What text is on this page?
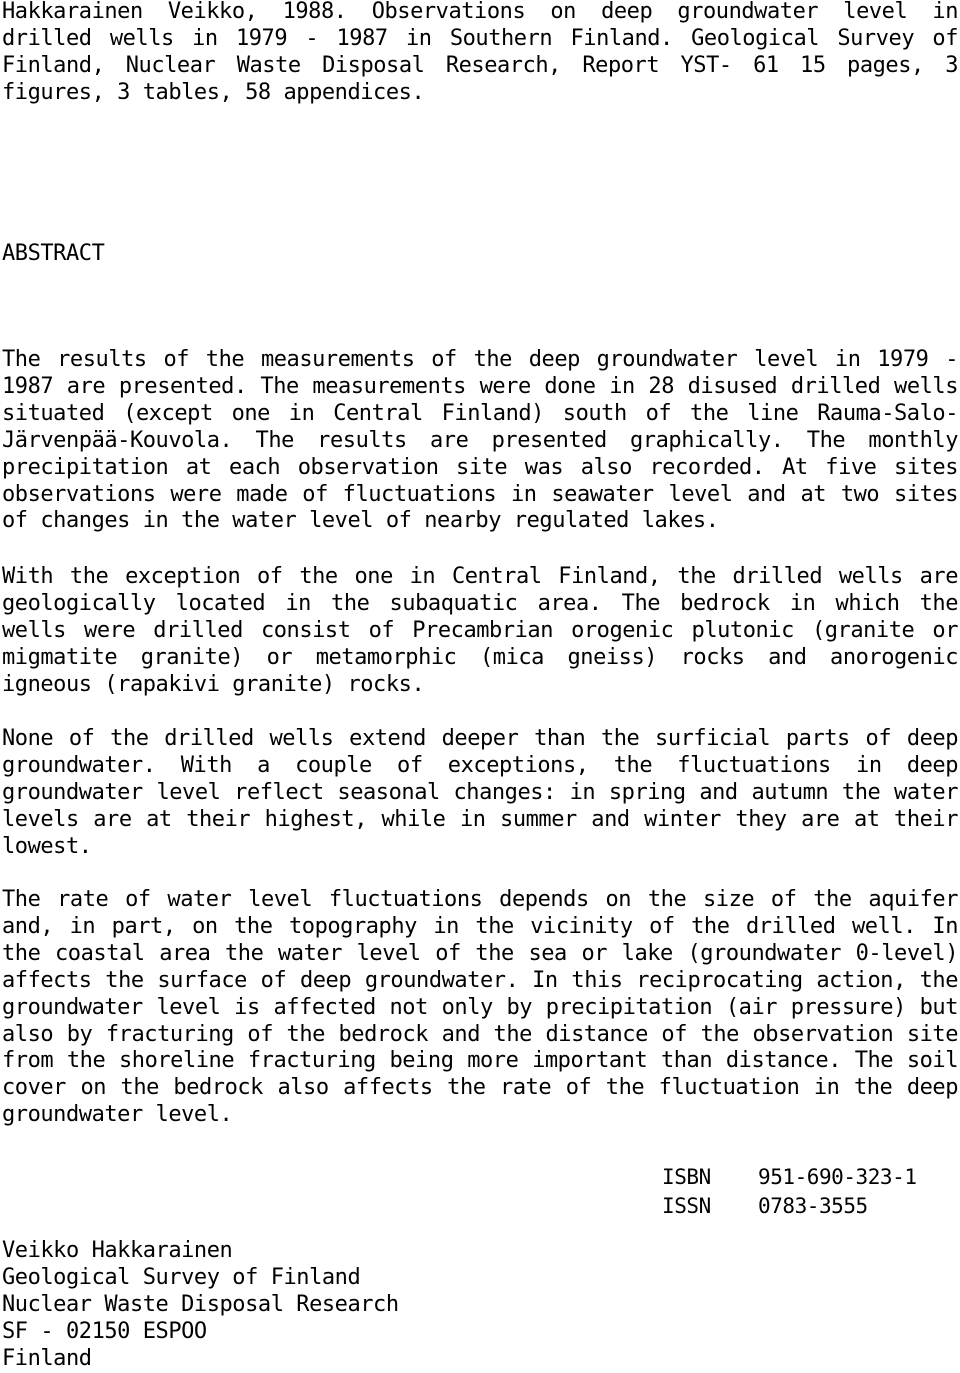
Hakkarainen Veikko, 1988. Observations on deep groundwater level in drilled wells in 1979 - 1987 in Southern Finland. Geological Survey of Finland, Nuclear Waste Disposal Research, Report YST- 61 15 pages, 3 figures, 3 tables, 58 appendices.

ABSTRACT

The results of the measurements of the deep groundwater level in 1979 - 1987 are presented. The measurements were done in 28 disused drilled wells situated (except one in Central Finland) south of the line Rauma-Salo-Järvenpää-Kouvola. The results are presented graphically. The monthly precipitation at each observation site was also recorded. At five sites observations were made of fluctuations in seawater level and at two sites of changes in the water level of nearby regulated lakes.

With the exception of the one in Central Finland, the drilled wells are geologically located in the subaquatic area. The bedrock in which the wells were drilled consist of Precambrian orogenic plutonic (granite or migmatite granite) or metamorphic (mica gneiss) rocks and anorogenic igneous (rapakivi granite) rocks.

None of the drilled wells extend deeper than the surficial parts of deep groundwater. With a couple of exceptions, the fluctuations in deep groundwater level reflect seasonal changes: in spring and autumn the water levels are at their highest, while in summer and winter they are at their lowest.

The rate of water level fluctuations depends on the size of the aquifer and, in part, on the topography in the vicinity of the drilled well. In the coastal area the water level of the sea or lake (groundwater 0-level) affects the surface of deep groundwater. In this reciprocating action, the groundwater level is affected not only by precipitation (air pressure) but also by fracturing of the bedrock and the distance of the observation site from the shoreline fracturing being more important than distance. The soil cover on the bedrock also affects the rate of the fluctuation in the deep groundwater level.

ISBN	951-690-323-1
ISSN	0783-3555
Veikko Hakkarainen
Geological Survey of Finland
Nuclear Waste Disposal Research
SF - 02150 ESPOO
Finland
